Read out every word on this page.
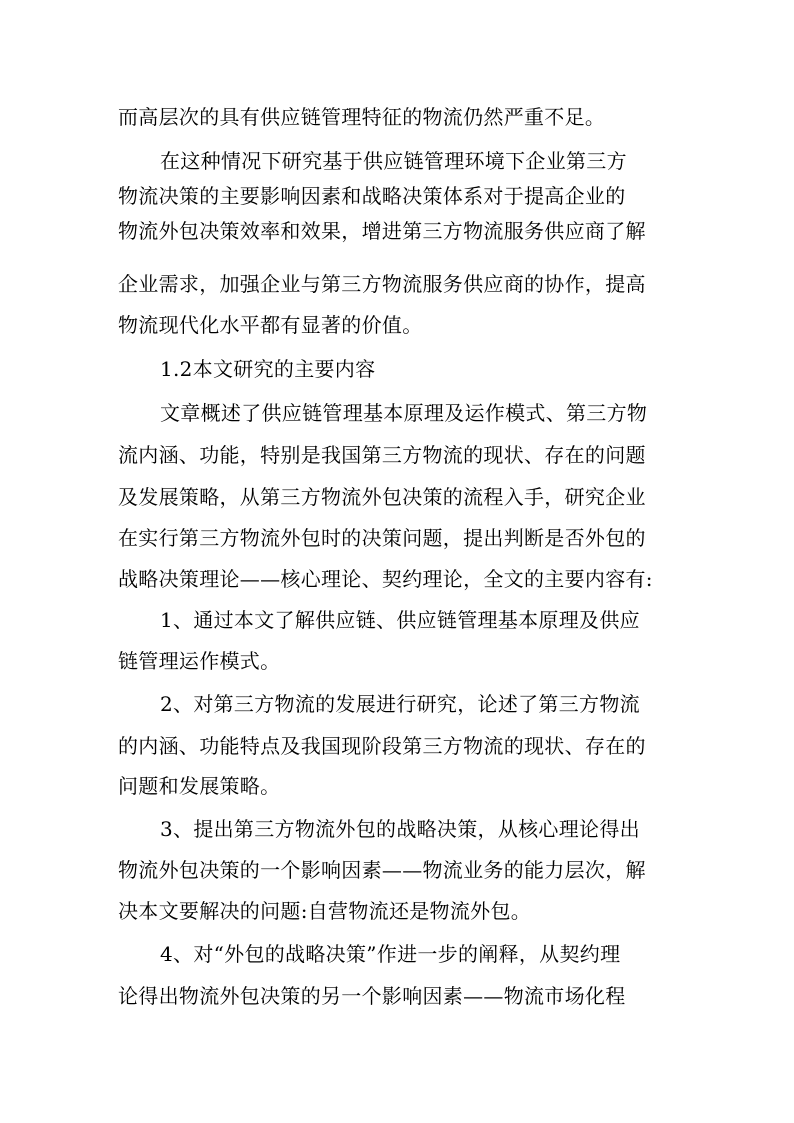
而高层次的具有供应链管理特征的物流仍然严重不足。
在这种情况下研究基于供应链管理环境下企业第三方
物流决策的主要影响因素和战略决策体系对于提高企业的
物流外包决策效率和效果，增进第三方物流服务供应商了解
企业需求，加强企业与第三方物流服务供应商的协作，提高
物流现代化水平都有显著的价值。
1.2本文研究的主要内容
文章概述了供应链管理基本原理及运作模式、第三方物
流内涵、功能，特别是我国第三方物流的现状、存在的问题
及发展策略，从第三方物流外包决策的流程入手，研究企业
在实行第三方物流外包时的决策问题，提出判断是否外包的
战略决策理论——核心理论、契约理论，全文的主要内容有:
1、通过本文了解供应链、供应链管理基本原理及供应
链管理运作模式。
2、对第三方物流的发展进行研究，论述了第三方物流
的内涵、功能特点及我国现阶段第三方物流的现状、存在的
问题和发展策略。
3、提出第三方物流外包的战略决策，从核心理论得出
物流外包决策的一个影响因素——物流业务的能力层次，解
决本文要解决的问题:自营物流还是物流外包。
4、对“外包的战略决策”作进一步的阐释，从契约理
论得出物流外包决策的另一个影响因素——物流市场化程
